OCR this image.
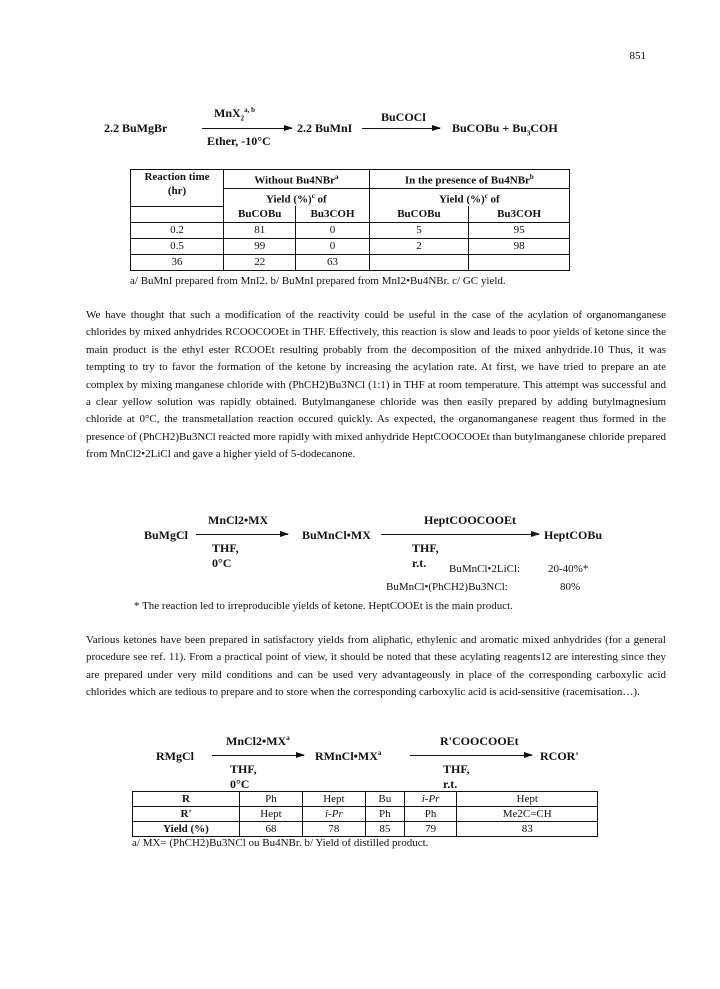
851
2.2 BuMgBr
MnX$_2^{a, b}$
Ether, -10°C
2.2 BuMnI
BuCOCl
BuCOBu + $Bu_3COH$
Reaction time
(hr)	Without Bu4NBr$^a$		In the presence of Bu4NBr$^b$
	Yield (%)$^c$ of		Yield (%)$^c$ of	
	BuCOBu	Bu3COH	BuCOBu	Bu3COH
0.2	81	0	5	95
0.5	99	0	2	98
36	22	63		
a/ BuMnI prepared from MnI2. b/ BuMnI prepared from MnI2•Bu4NBr. c/ GC yield.
We have thought that such a modification of the reactivity could be useful in the case of the acylation of organomanganese chlorides by mixed anhydrides RCOOCOOEt in THF. Effectively, this reaction is slow and leads to poor yields of ketone since the main product is the ethyl ester RCOOEt resulting probably from the decomposition of the mixed anhydride.10 Thus, it was tempting to try to favor the formation of the ketone by increasing the acylation rate. At first, we have tried to prepare an ate complex by mixing manganese chloride with (PhCH2)Bu3NCl (1:1) in THF at room temperature. This attempt was successful and a clear yellow solution was rapidly obtained. Butylmanganese chloride was then easily prepared by adding butylmagnesium chloride at 0°C, the transmetallation reaction occured quickly. As expected, the organomanganese reagent thus formed in the presence of (PhCH2)Bu3NCl reacted more rapidly with mixed anhydride HeptCOOCOOEt than butylmanganese chloride prepared from MnCl2•2LiCl and gave a higher yield of 5-dodecanone.
BuMgCl
MnCl2•MX
THF, 0°C
BuMnCl•MX
HeptCOOCOOEt
THF, r.t.
HeptCOBu
BuMnCl•2LiCl:	20-40%*
BuMnCl•(PhCH2)Bu3NCl:	80%
* The reaction led to irreproducible yields of ketone. HeptCOOEt is the main product.
Various ketones have been prepared in satisfactory yields from aliphatic, ethylenic and aromatic mixed anhydrides (for a general procedure see ref. 11). From a practical point of view, it should be noted that these acylating reagents12 are interesting since they are prepared under very mild conditions and can be used very advantageously in place of the corresponding carboxylic acid chlorides which are tedious to prepare and to store when the corresponding carboxylic acid is acid-sensitive (racemisation…).
RMgCl
$MnCl2•MX^a$
THF, 0°C
$RMnCl•MX^a$
R'COOCOOEt
THF, r.t.
RCOR'
R	Ph	Hept	Bu	i-Pr	Hept
R'	Hept	i-Pr	Ph	Ph	Me2C=CH
Yield (%)	68	78	85	79	83
a/ MX= (PhCH2)Bu3NCl ou Bu4NBr. b/ Yield of distilled product.
